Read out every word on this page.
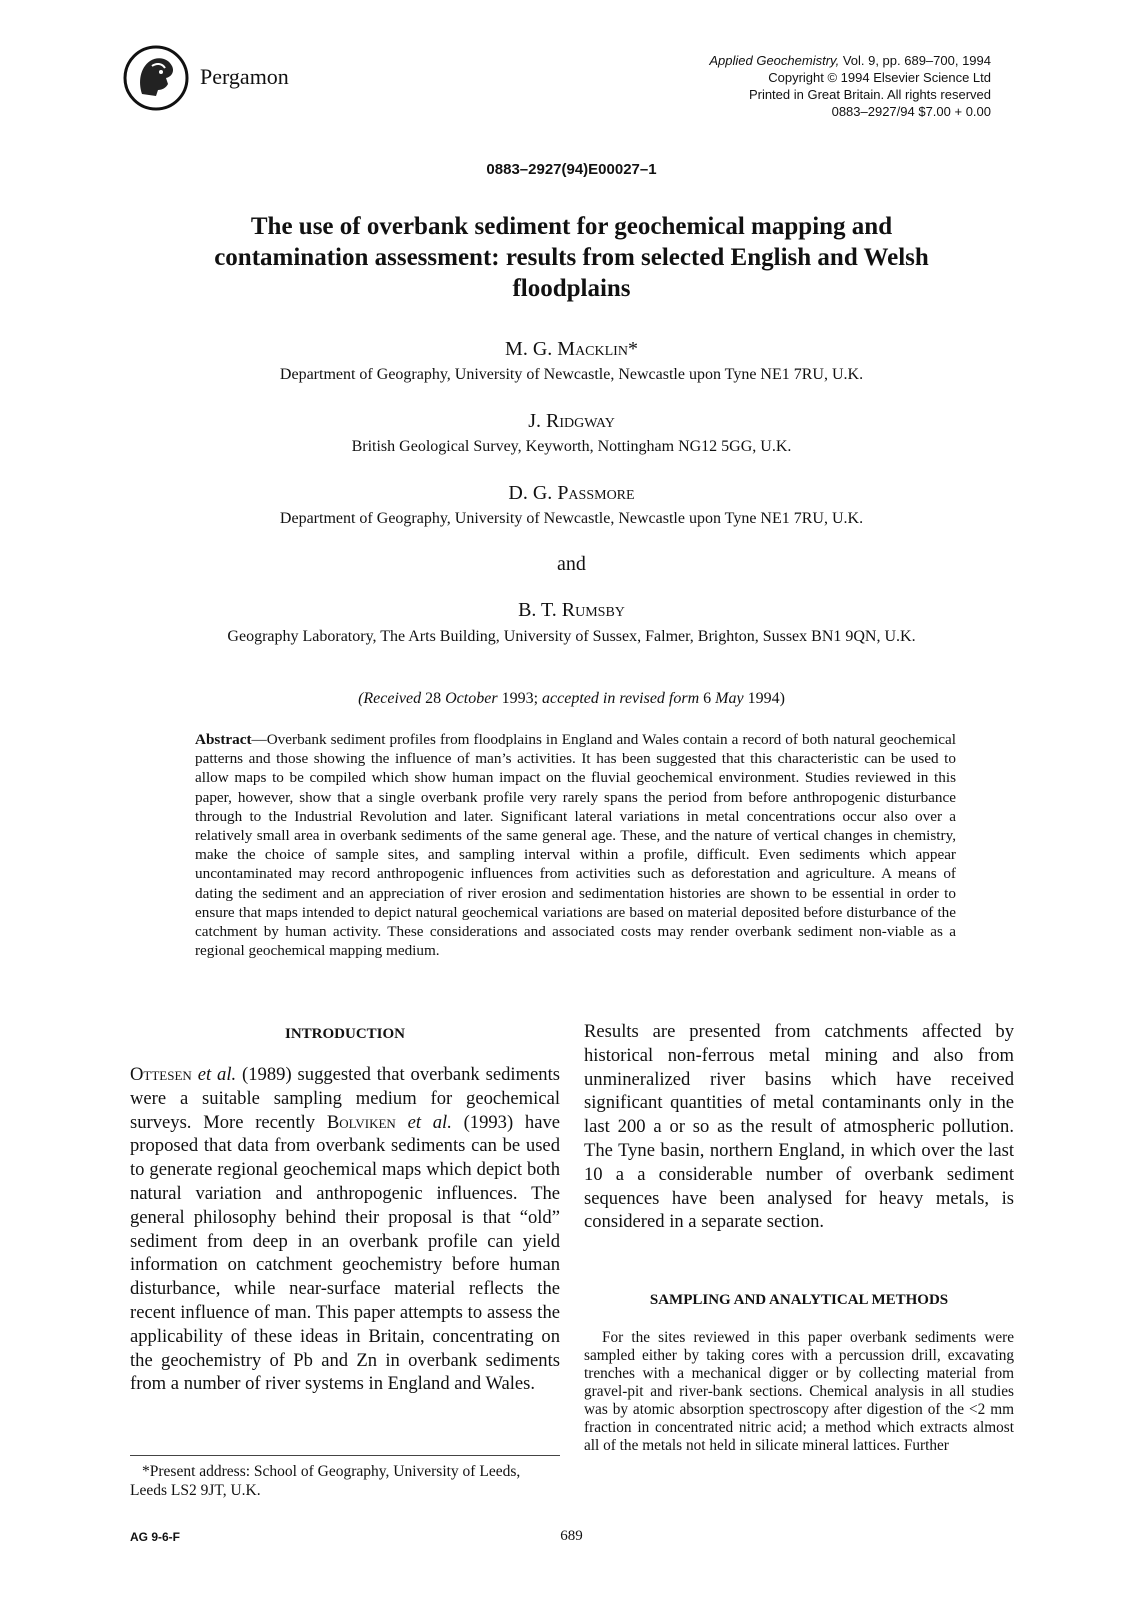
Pergamon
Applied Geochemistry, Vol. 9, pp. 689–700, 1994
Copyright © 1994 Elsevier Science Ltd
Printed in Great Britain. All rights reserved
0883–2927/94 $7.00 + 0.00
0883–2927(94)E00027–1
The use of overbank sediment for geochemical mapping and contamination assessment: results from selected English and Welsh floodplains
M. G. Macklin*
Department of Geography, University of Newcastle, Newcastle upon Tyne NE1 7RU, U.K.
J. Ridgway
British Geological Survey, Keyworth, Nottingham NG12 5GG, U.K.
D. G. Passmore
Department of Geography, University of Newcastle, Newcastle upon Tyne NE1 7RU, U.K.
and
B. T. Rumsby
Geography Laboratory, The Arts Building, University of Sussex, Falmer, Brighton, Sussex BN1 9QN, U.K.
(Received 28 October 1993; accepted in revised form 6 May 1994)

Abstract—Overbank sediment profiles from floodplains in England and Wales contain a record of both natural geochemical patterns and those showing the influence of man’s activities. It has been suggested that this characteristic can be used to allow maps to be compiled which show human impact on the fluvial geochemical environment. Studies reviewed in this paper, however, show that a single overbank profile very rarely spans the period from before anthropogenic disturbance through to the Industrial Revolution and later. Significant lateral variations in metal concentrations occur also over a relatively small area in overbank sediments of the same general age. These, and the nature of vertical changes in chemistry, make the choice of sample sites, and sampling interval within a profile, difficult. Even sediments which appear uncontaminated may record anthropogenic influences from activities such as deforestation and agriculture. A means of dating the sediment and an appreciation of river erosion and sedimentation histories are shown to be essential in order to ensure that maps intended to depict natural geochemical variations are based on material deposited before disturbance of the catchment by human activity. These considerations and associated costs may render overbank sediment non-viable as a regional geochemical mapping medium.

INTRODUCTION

Ottesen et al. (1989) suggested that overbank sediments were a suitable sampling medium for geochemical surveys. More recently Bolviken et al. (1993) have proposed that data from overbank sediments can be used to generate regional geochemical maps which depict both natural variation and anthropogenic influences. The general philosophy behind their proposal is that “old” sediment from deep in an overbank profile can yield information on catchment geochemistry before human disturbance, while near-surface material reflects the recent influence of man. This paper attempts to assess the applicability of these ideas in Britain, concentrating on the geochemistry of Pb and Zn in overbank sediments from a number of river systems in England and Wales.

*Present address: School of Geography, University of Leeds, Leeds LS2 9JT, U.K.

Results are presented from catchments affected by historical non-ferrous metal mining and also from unmineralized river basins which have received significant quantities of metal contaminants only in the last 200 a or so as the result of atmospheric pollution. The Tyne basin, northern England, in which over the last 10 a a considerable number of overbank sediment sequences have been analysed for heavy metals, is considered in a separate section.

SAMPLING AND ANALYTICAL METHODS

For the sites reviewed in this paper overbank sediments were sampled either by taking cores with a percussion drill, excavating trenches with a mechanical digger or by collecting material from gravel-pit and river-bank sections. Chemical analysis in all studies was by atomic absorption spectroscopy after digestion of the <2 mm fraction in concentrated nitric acid; a method which extracts almost all of the metals not held in silicate mineral lattices. Further

AG 9-6-F	689
